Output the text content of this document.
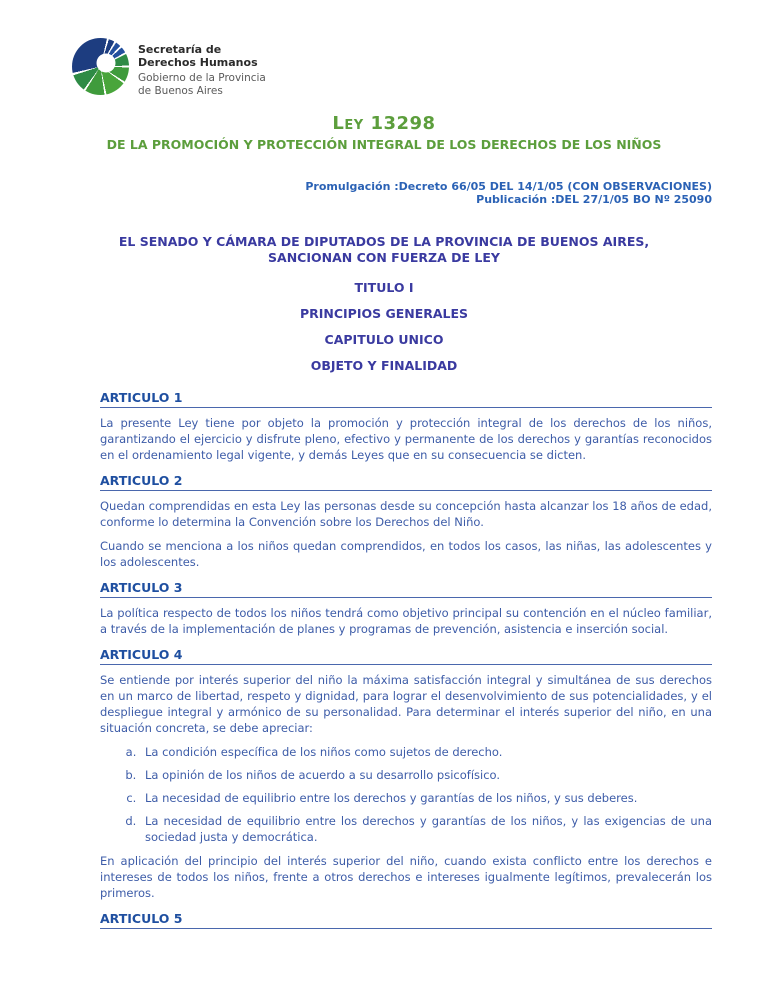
Secretaría de
Derechos Humanos
Gobierno de la Provincia
de Buenos Aires
Ley 13298
DE LA PROMOCIÓN Y PROTECCIÓN INTEGRAL DE LOS DERECHOS DE LOS NIÑOS
Promulgación :Decreto 66/05 DEL 14/1/05 (CON OBSERVACIONES)
Publicación :DEL 27/1/05 BO Nº 25090
EL SENADO Y CÁMARA DE DIPUTADOS DE LA PROVINCIA DE BUENOS AIRES,
SANCIONAN CON FUERZA DE LEY
TITULO I
PRINCIPIOS GENERALES
CAPITULO UNICO
OBJETO Y FINALIDAD
ARTICULO 1

La presente Ley tiene por objeto la promoción y protección integral de los derechos de los niños, garantizando el ejercicio y disfrute pleno, efectivo y permanente de los derechos y garantías reconocidos en el ordenamiento legal vigente, y demás Leyes que en su consecuencia se dicten.

ARTICULO 2

Quedan comprendidas en esta Ley las personas desde su concepción hasta alcanzar los 18 años de edad, conforme lo determina la Convención sobre los Derechos del Niño.

Cuando se menciona a los niños quedan comprendidos, en todos los casos, las niñas, las adolescentes y los adolescentes.

ARTICULO 3

La política respecto de todos los niños tendrá como objetivo principal su contención en el núcleo familiar, a través de la implementación de planes y programas de prevención, asistencia e inserción social.

ARTICULO 4

Se entiende por interés superior del niño la máxima satisfacción integral y simultánea de sus derechos en un marco de libertad, respeto y dignidad, para lograr el desenvolvimiento de sus potencialidades, y el despliegue integral y armónico de su personalidad. Para determinar el interés superior del niño, en una situación concreta, se debe apreciar:

a. La condición específica de los niños como sujetos de derecho.
b. La opinión de los niños de acuerdo a su desarrollo psicofísico.
c. La necesidad de equilibrio entre los derechos y garantías de los niños, y sus deberes.
d. La necesidad de equilibrio entre los derechos y garantías de los niños, y las exigencias de una sociedad justa y democrática.

En aplicación del principio del interés superior del niño, cuando exista conflicto entre los derechos e intereses de todos los niños, frente a otros derechos e intereses igualmente legítimos, prevalecerán los primeros.

ARTICULO 5
